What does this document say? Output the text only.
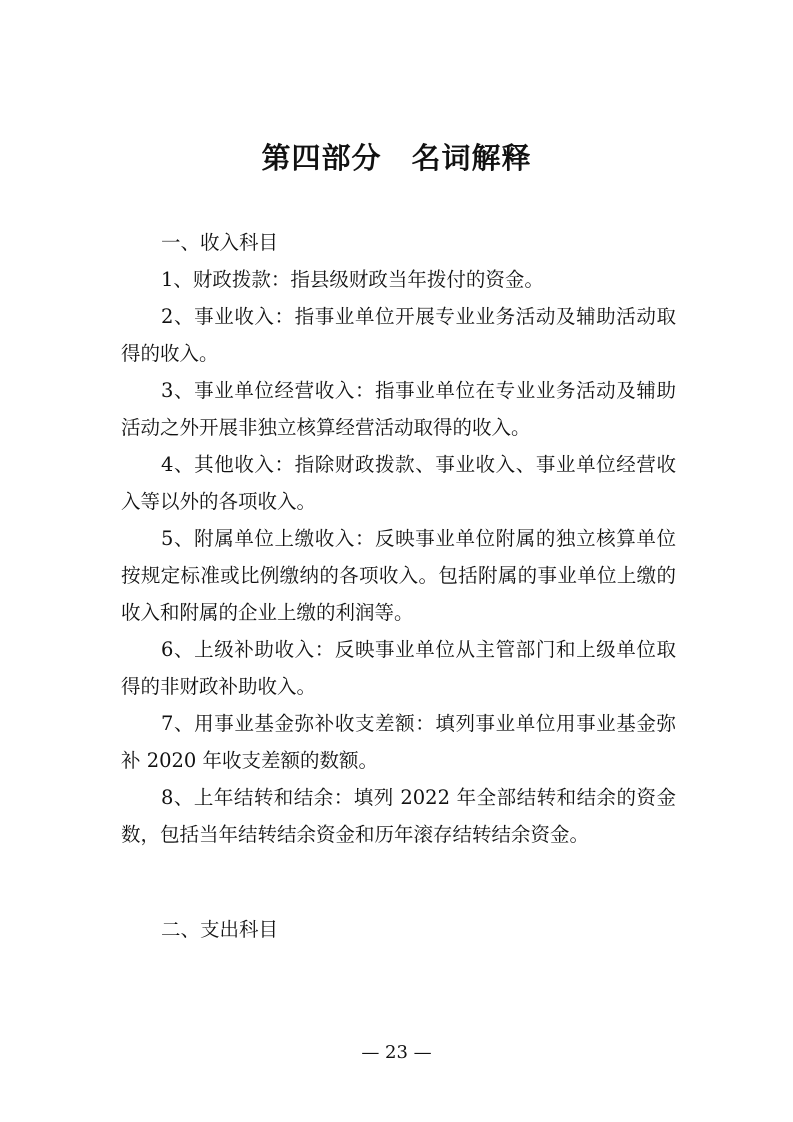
第四部分　名词解释

一、收入科目

1、财政拨款：指县级财政当年拨付的资金。

2、事业收入：指事业单位开展专业业务活动及辅助活动取得的收入。

3、事业单位经营收入：指事业单位在专业业务活动及辅助活动之外开展非独立核算经营活动取得的收入。

4、其他收入：指除财政拨款、事业收入、事业单位经营收入等以外的各项收入。

5、附属单位上缴收入：反映事业单位附属的独立核算单位按规定标准或比例缴纳的各项收入。包括附属的事业单位上缴的收入和附属的企业上缴的利润等。

6、上级补助收入：反映事业单位从主管部门和上级单位取得的非财政补助收入。

7、用事业基金弥补收支差额：填列事业单位用事业基金弥补 2020 年收支差额的数额。

8、上年结转和结余：填列 2022 年全部结转和结余的资金数，包括当年结转结余资金和历年滚存结转结余资金。

二、支出科目

— 23 —
